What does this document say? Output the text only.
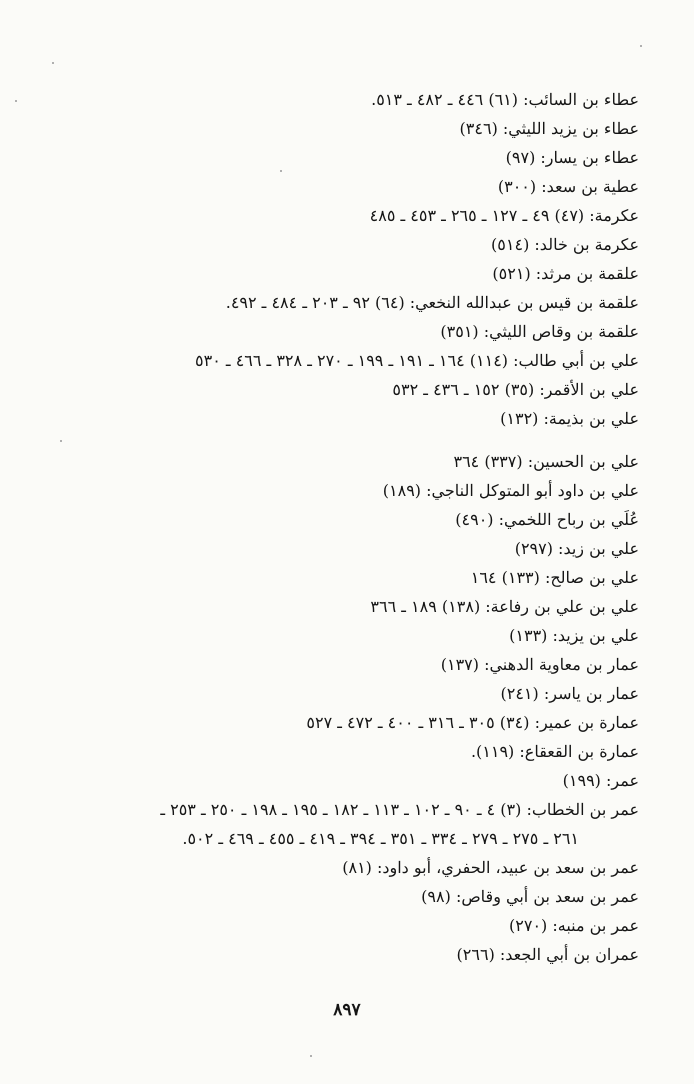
عطاء بن السائب: (٦١) ٤٤٦ ـ ٤٨٢ ـ ٥١٣.
عطاء بن يزيد الليثي: (٣٤٦)
عطاء بن يسار: (٩٧)
عطية بن سعد: (٣٠٠)
عكرمة: (٤٧) ٤٩ ـ ١٢٧ ـ ٢٦٥ ـ ٤٥٣ ـ ٤٨٥
عكرمة بن خالد: (٥١٤)
علقمة بن مرثد: (٥٢١)
علقمة بن قيس بن عبدالله النخعي: (٦٤) ٩٢ ـ ٢٠٣ ـ ٤٨٤ ـ ٤٩٢.
علقمة بن وقاص الليثي: (٣٥١)
علي بن أبي طالب: (١١٤) ١٦٤ ـ ١٩١ ـ ١٩٩ ـ ٢٧٠ ـ ٣٢٨ ـ ٤٦٦ ـ ٥٣٠
علي بن الأقمر: (٣٥) ١٥٢ ـ ٤٣٦ ـ ٥٣٢
علي بن بذيمة: (١٣٢)
علي بن الحسين: (٣٣٧) ٣٦٤
علي بن داود أبو المتوكل الناجي: (١٨٩)
عُلَي بن رباح اللخمي: (٤٩٠)
علي بن زيد: (٢٩٧)
علي بن صالح: (١٣٣) ١٦٤
علي بن علي بن رفاعة: (١٣٨) ١٨٩ ـ ٣٦٦
علي بن يزيد: (١٣٣)
عمار بن معاوية الدهني: (١٣٧)
عمار بن ياسر: (٢٤١)
عمارة بن عمير: (٣٤) ٣٠٥ ـ ٣١٦ ـ ٤٠٠ ـ ٤٧٢ ـ ٥٢٧
عمارة بن القعقاع: (١١٩).
عمر: (١٩٩)
عمر بن الخطاب: (٣) ٤ ـ ٩٠ ـ ١٠٢ ـ ١١٣ ـ ١٨٢ ـ ١٩٥ ـ ١٩٨ ـ ٢٥٠ ـ ٢٥٣ ـ
٢٦١ ـ ٢٧٥ ـ ٢٧٩ ـ ٣٣٤ ـ ٣٥١ ـ ٣٩٤ ـ ٤١٩ ـ ٤٥٥ ـ ٤٦٩ ـ ٥٠٢.
عمر بن سعد بن عبيد، الحفري، أبو داود: (٨١)
عمر بن سعد بن أبي وقاص: (٩٨)
عمر بن منبه: (٢٧٠)
عمران بن أبي الجعد: (٢٦٦)
٨٩٧
